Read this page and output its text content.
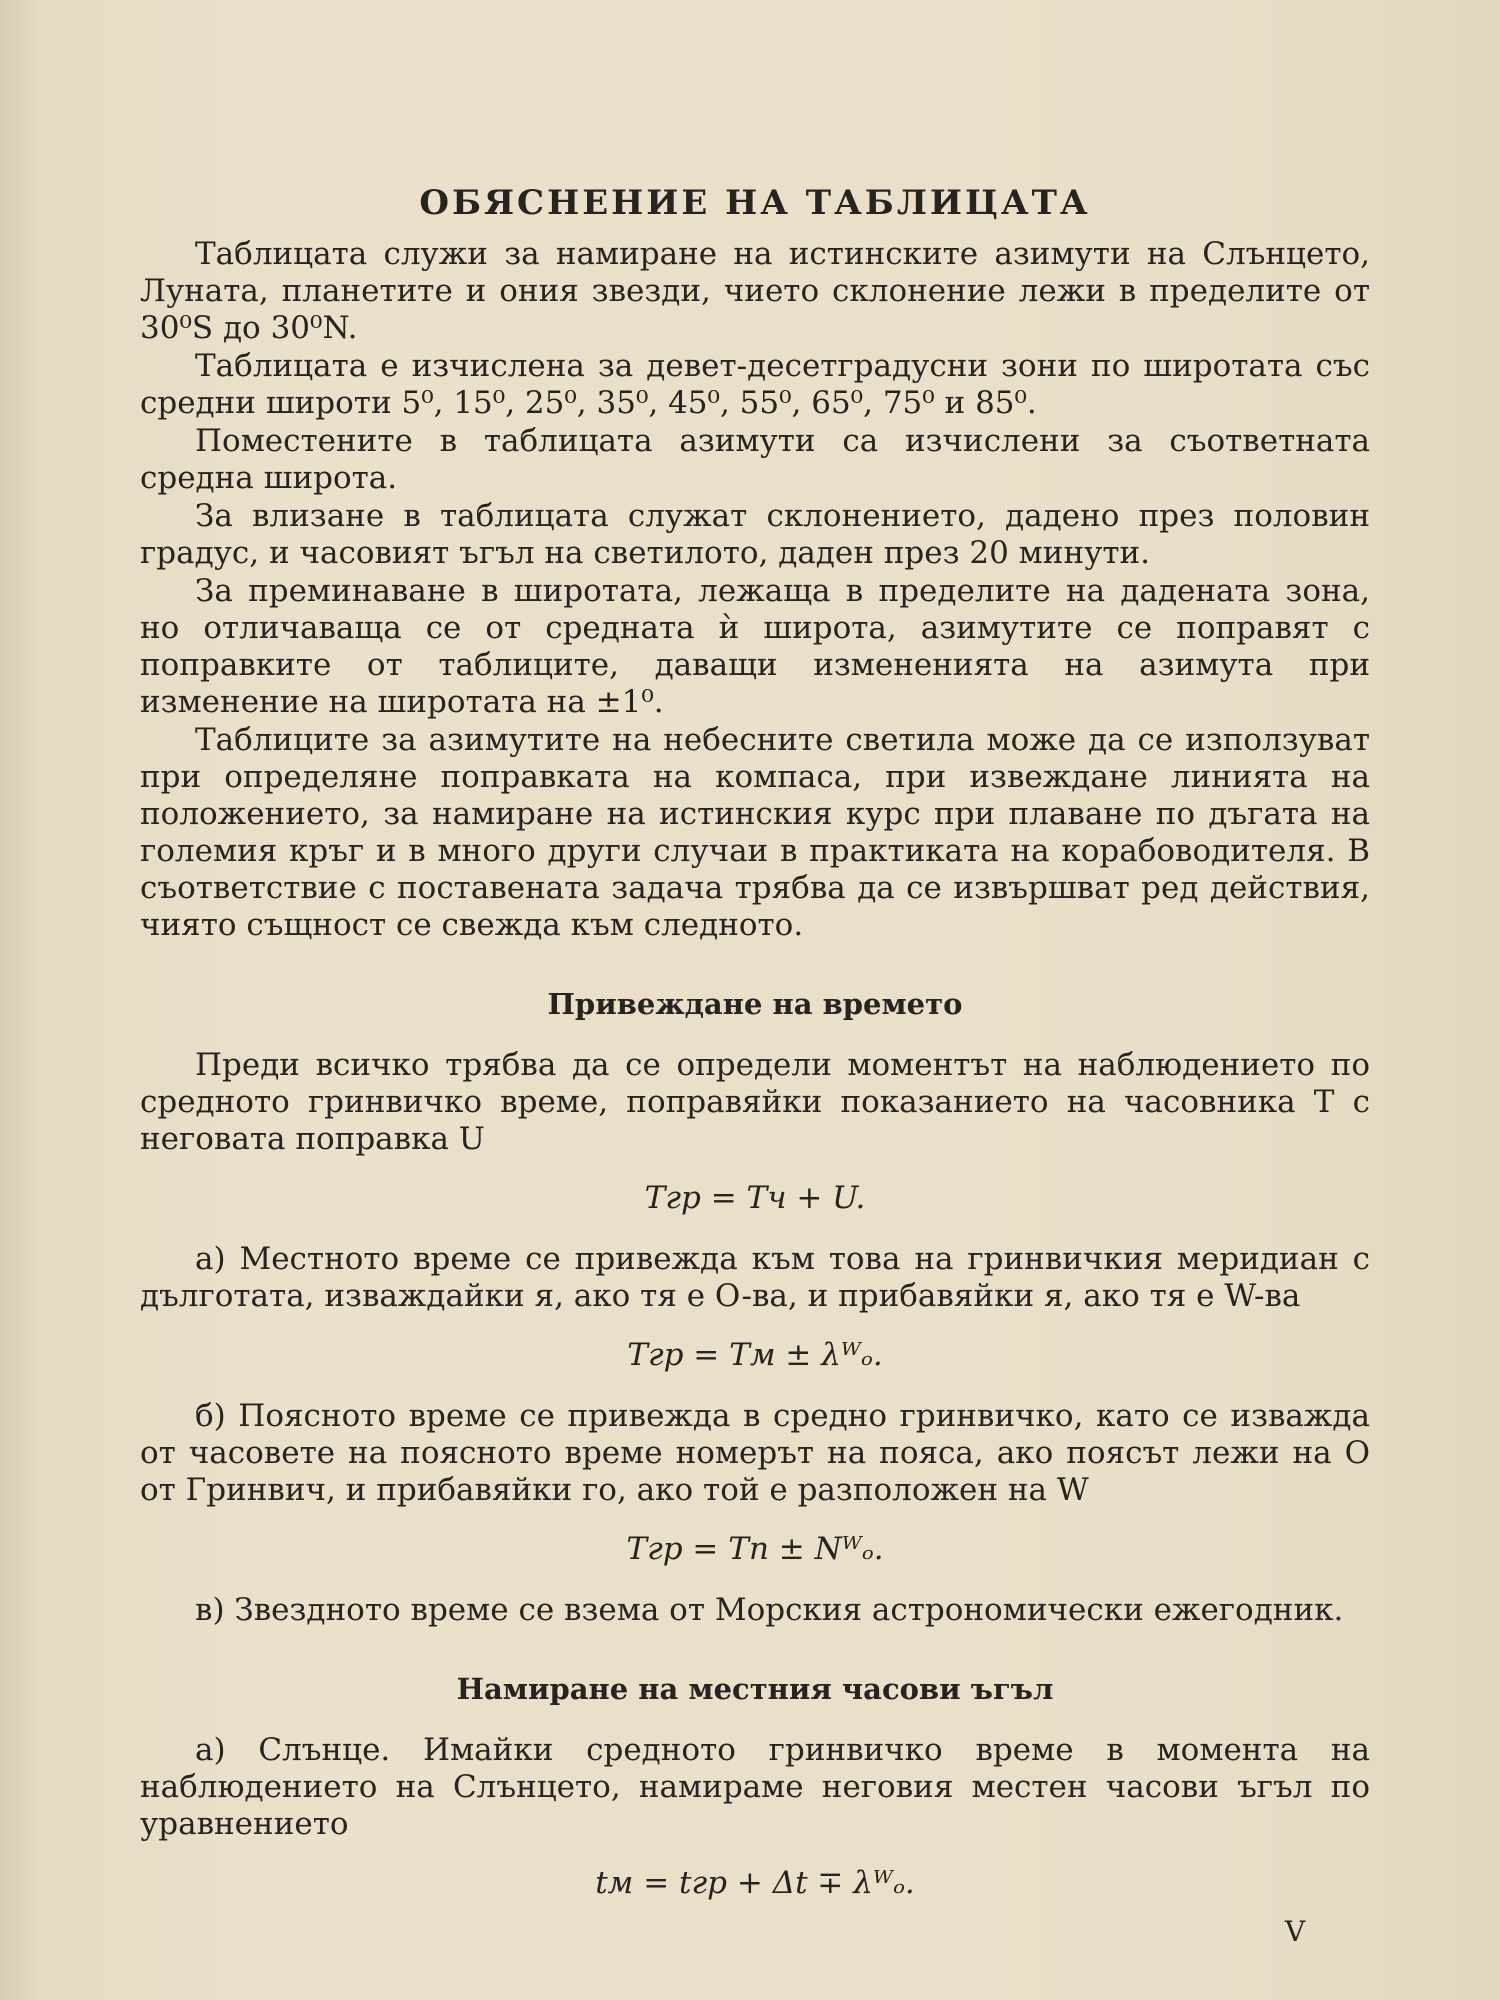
ОБЯСНЕНИЕ НА ТАБЛИЦАТА

Таблицата служи за намиране на истинските азимути на Слънцето, Луната, планетите и ония звезди, чието склонение лежи в пределите от 30⁰S до 30⁰N.

Таблицата е изчислена за девет-десетградусни зони по широтата със средни широти 5⁰, 15⁰, 25⁰, 35⁰, 45⁰, 55⁰, 65⁰, 75⁰ и 85⁰.

Поместените в таблицата азимути са изчислени за съответната средна широта.

За влизане в таблицата служат склонението, дадено през половин градус, и часовият ъгъл на светилото, даден през 20 минути.

За преминаване в широтата, лежаща в пределите на дадената зона, но отличаваща се от средната ѝ широта, азимутите се поправят с поправките от таблиците, даващи измененията на азимута при изменение на широтата на ±1⁰.

Таблиците за азимутите на небесните светила може да се използуват при определяне поправката на компаса, при извеждане линията на положението, за намиране на истинския курс при плаване по дъгата на големия кръг и в много други случаи в практиката на корабоводителя. В съответствие с поставената задача трябва да се извършват ред действия, чиято същност се свежда към следното.

Привеждане на времето

Преди всичко трябва да се определи моментът на наблюдението по средното гринвичко време, поправяйки показанието на часовника T с неговата поправка U

Tгр = Tч + U.

а) Местното време се привежда към това на гринвичкия меридиан с дълготата, изваждайки я, ако тя е O-ва, и прибавяйки я, ако тя е W-ва

Tгр = Tм ± λᵂₒ.

б) Поясното време се привежда в средно гринвичко, като се изважда от часовете на поясното време номерът на пояса, ако поясът лежи на O от Гринвич, и прибавяйки го, ако той е разположен на W

Tгр = Tп ± Nᵂₒ.

в) Звездното време се взема от Морския астрономически ежегодник.

Намиране на местния часови ъгъл

а) Слънце. Имайки средното гринвичко време в момента на наблюдението на Слънцето, намираме неговия местен часови ъгъл по уравнението

tм = tгр + Δt ∓ λᵂₒ.
V
